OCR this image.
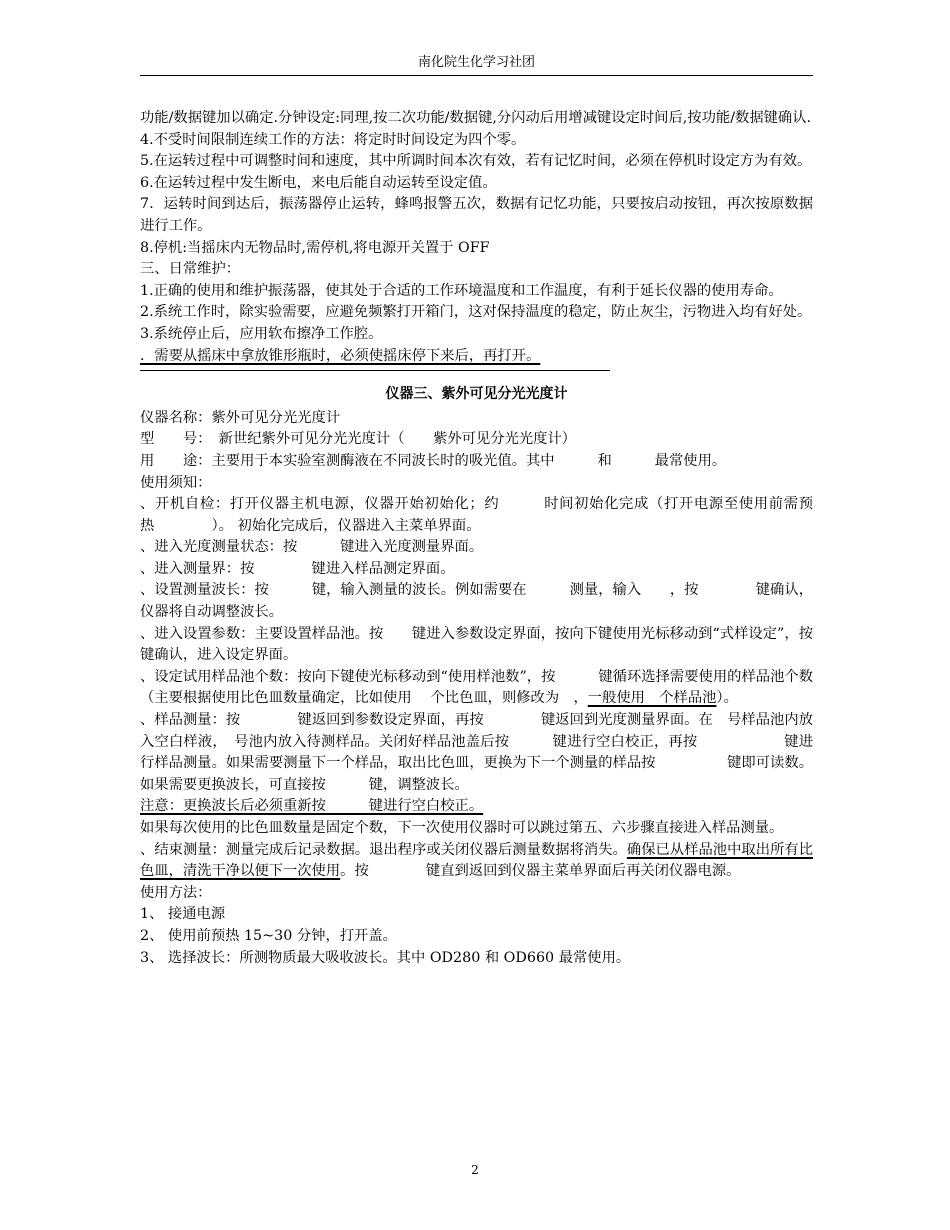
南化院生化学习社团

功能/数据键加以确定.分钟设定:同理,按二次功能/数据键,分闪动后用增减键设定时间后,按功能/数据键确认.

4.不受时间限制连续工作的方法：将定时时间设定为四个零。

5.在运转过程中可调整时间和速度，其中所调时间本次有效，若有记忆时间，必须在停机时设定方为有效。

6.在运转过程中发生断电，来电后能自动运转至设定值。

7．运转时间到达后，振荡器停止运转，蜂鸣报警五次，数据有记忆功能，只要按启动按钮，再次按原数据进行工作。

8.停机:当摇床内无物品时,需停机,将电源开关置于 OFF

三、日常维护：

1.正确的使用和维护振荡器，使其处于合适的工作环境温度和工作温度，有利于延长仪器的使用寿命。

2.系统工作时，除实验需要，应避免频繁打开箱门，这对保持温度的稳定，防止灰尘，污物进入均有好处。

3.系统停止后，应用软布擦净工作腔。

．需要从摇床中拿放锥形瓶时，必须使摇床停下来后，再打开。

仪器三、紫外可见分光光度计

仪器名称：紫外可见分光光度计

型　　号：　新世纪紫外可见分光光度计（　　紫外可见分光光度计）

用　　途：主要用于本实验室测酶液在不同波长时的吸光值。其中　　　和　　　最常使用。

使用须知：

、开机自检：打开仪器主机电源，仪器开始初始化；约　　　时间初始化完成（打开电源至使用前需预热　　　　）。 初始化完成后，仪器进入主菜单界面。

、进入光度测量状态：按　　　键进入光度测量界面。

、进入测量界：按　　　　键进入样品测定界面。

、设置测量波长：按　　　键，输入测量的波长。例如需要在　　　测量，输入　　，按　　　　键确认，仪器将自动调整波长。

、进入设置参数：主要设置样品池。按　　键进入参数设定界面，按向下键使用光标移动到“式样设定”，按　　　键确认，进入设定界面。

、设定试用样品池个数：按向下键使光标移动到“使用样池数”，按　　　键循环选择需要使用的样品池个数（主要根据使用比色皿数量确定，比如使用　 个比色皿，则修改为　，一般使用　个样品池）。

、样品测量：按　　　　键返回到参数设定界面，再按　　　　键返回到光度测量界面。在　号样品池内放入空白样液，　号池内放入待测样品。关闭好样品池盖后按　　　键进行空白校正，再按　　　　　　键进行样品测量。如果需要测量下一个样品，取出比色皿，更换为下一个测量的样品按　　　　　键即可读数。如果需要更换波长，可直接按　　　键，调整波长。

注意：更换波长后必须重新按　　　键进行空白校正。

如果每次使用的比色皿数量是固定个数，下一次使用仪器时可以跳过第五、六步骤直接进入样品测量。

、结束测量：测量完成后记录数据。退出程序或关闭仪器后测量数据将消失。确保已从样品池中取出所有比色皿，清洗干净以便下一次使用。按　　　　键直到返回到仪器主菜单界面后再关闭仪器电源。

使用方法：

1、 接通电源

2、 使用前预热 15~30 分钟，打开盖。

3、 选择波长：所测物质最大吸收波长。其中 OD280 和 OD660 最常使用。

2
